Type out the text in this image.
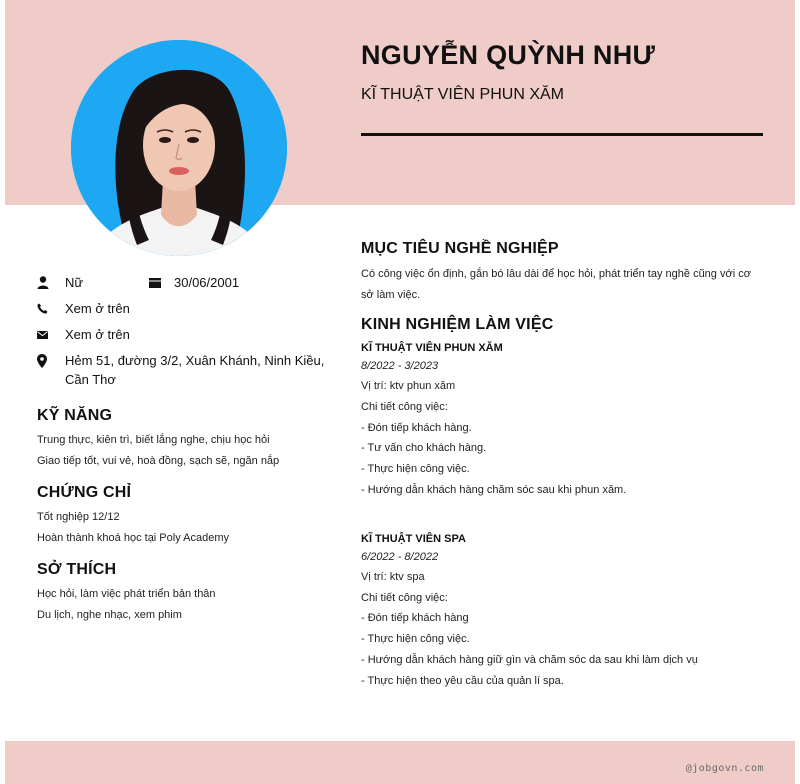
NGUYỄN QUỲNH NHƯ
KĨ THUẬT VIÊN PHUN XĂM
Nữ	30/06/2001
Xem ở trên
Xem ở trên
Hẻm 51, đường 3/2, Xuân Khánh, Ninh Kiều, Cần Thơ
KỸ NĂNG
Trung thực, kiên trì, biết lắng nghe, chịu học hỏi
Giao tiếp tốt, vui vẻ, hoà đồng, sạch sẽ, ngăn nắp
CHỨNG CHỈ
Tốt nghiệp 12/12
Hoàn thành khoá học tại Poly Academy
SỞ THÍCH
Học hỏi, làm việc phát triển bản thân
Du lịch, nghe nhạc, xem phim
MỤC TIÊU NGHỀ NGHIỆP

Có công việc ổn định, gắn bó lâu dài để học hỏi, phát triển tay nghề cũng với cơ sở làm việc.

KINH NGHIỆM LÀM VIỆC

KĨ THUẬT VIÊN PHUN XĂM

8/2022 - 3/2023

Vị trí: ktv phun xăm

Chi tiết công việc:

- Đón tiếp khách hàng.

- Tư vấn cho khách hàng.

- Thực hiện công việc.

- Hướng dẫn khách hàng chăm sóc sau khi phun xăm.

KĨ THUẬT VIÊN SPA

6/2022 - 8/2022

Vị trí: ktv spa

Chi tiết công việc:

- Đón tiếp khách hàng

- Thực hiện công việc.

- Hướng dẫn khách hàng giữ gìn và chăm sóc da sau khi làm dịch vụ

- Thực hiện theo yêu cầu của quản lí spa.

@jobgovn.com
